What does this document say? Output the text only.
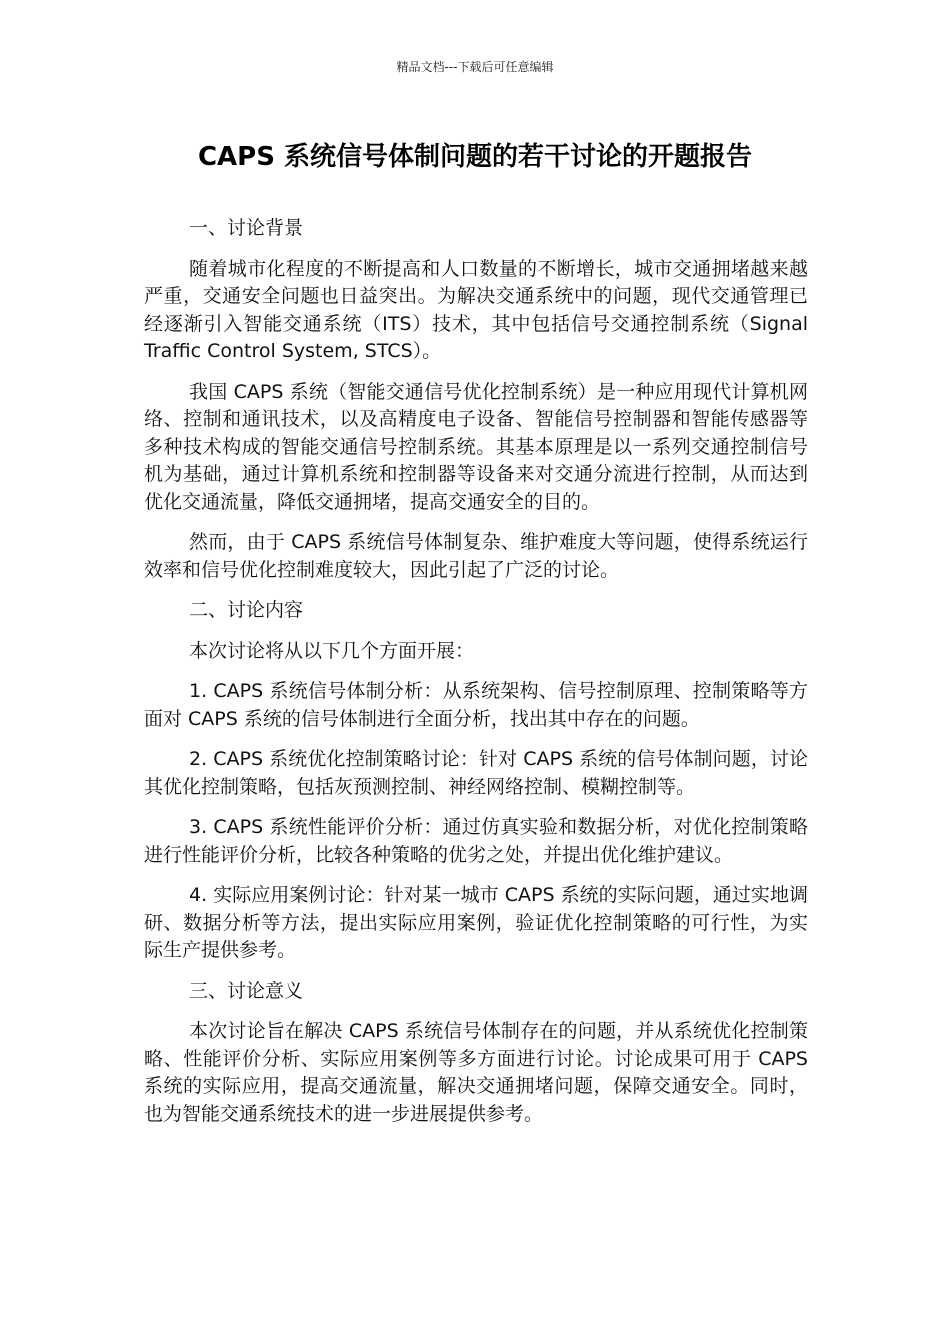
精品文档---下载后可任意编辑
CAPS 系统信号体制问题的若干讨论的开题报告
一、讨论背景

随着城市化程度的不断提高和人口数量的不断增长，城市交通拥堵越来越严重，交通安全问题也日益突出。为解决交通系统中的问题，现代交通管理已经逐渐引入智能交通系统（ITS）技术，其中包括信号交通控制系统（Signal Traffic Control System, STCS）。

我国 CAPS 系统（智能交通信号优化控制系统）是一种应用现代计算机网络、控制和通讯技术，以及高精度电子设备、智能信号控制器和智能传感器等多种技术构成的智能交通信号控制系统。其基本原理是以一系列交通控制信号机为基础，通过计算机系统和控制器等设备来对交通分流进行控制，从而达到优化交通流量，降低交通拥堵，提高交通安全的目的。

然而，由于 CAPS 系统信号体制复杂、维护难度大等问题，使得系统运行效率和信号优化控制难度较大，因此引起了广泛的讨论。

二、讨论内容

本次讨论将从以下几个方面开展：

1. CAPS 系统信号体制分析：从系统架构、信号控制原理、控制策略等方面对 CAPS 系统的信号体制进行全面分析，找出其中存在的问题。

2. CAPS 系统优化控制策略讨论：针对 CAPS 系统的信号体制问题，讨论其优化控制策略，包括灰预测控制、神经网络控制、模糊控制等。

3. CAPS 系统性能评价分析：通过仿真实验和数据分析，对优化控制策略进行性能评价分析，比较各种策略的优劣之处，并提出优化维护建议。

4. 实际应用案例讨论：针对某一城市 CAPS 系统的实际问题，通过实地调研、数据分析等方法，提出实际应用案例，验证优化控制策略的可行性，为实际生产提供参考。

三、讨论意义

本次讨论旨在解决 CAPS 系统信号体制存在的问题，并从系统优化控制策略、性能评价分析、实际应用案例等多方面进行讨论。讨论成果可用于 CAPS 系统的实际应用，提高交通流量，解决交通拥堵问题，保障交通安全。同时，也为智能交通系统技术的进一步进展提供参考。
